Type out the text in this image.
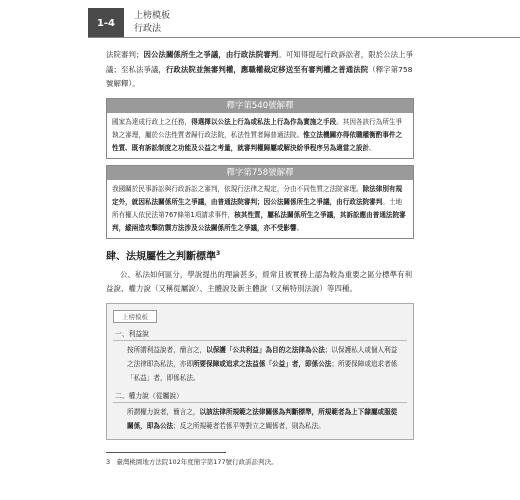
1-4
上榜模板
行政法

法院審判；因公法關係所生之爭議，由行政法院審判。可知得提起行政訴訟者，限於公法上爭議；至私法爭議，行政法院並無審判權，應職權裁定移送至有審判權之普通法院（釋字第758號解釋）。

釋字第540號解釋
國家為達成行政上之任務，得選擇以公法上行為或私法上行為作為實施之手段。其因各該行為所生爭執之審理，屬於公法性質者歸行政法院，私法性質者歸普通法院。惟立法機關亦得依職權衡酌事件之性質、既有訴訟制度之功能及公益之考量，就審判權歸屬或解決紛爭程序另為適當之設計。
釋字第758號解釋
我國關於民事訴訟與行政訴訟之審判，依現行法律之規定，分由不同性質之法院審理。除法律別有規定外，就因私法關係所生之爭議，由普通法院審判；因公法關係所生之爭議，由行政法院審判。土地所有權人依民法第767條第1項請求事件，核其性質，屬私法關係所生之爭議，其訴訟應由普通法院審判，縱兩造攻擊防禦方法涉及公法關係所生之爭議，亦不受影響。
肆、法規屬性之判斷標準$^3$

公、私法如何區分，學說提出的理論甚多，經常且被實務上認為較為重要之區分標準有利益說、權力說（又稱從屬說）、主體說及新主體說（又稱特別法說）等四種。

上榜模板
一、利益說
按所謂利益說者，簡言之，以保護「公共利益」為目的之法律為公法；以保護私人或個人利益之法律即為私法，亦即所要保障或追求之法益係「公益」者，即係公法；所要保障或追求者係「私益」者，即係私法。
二、權力說（從屬說）
所謂權力說者，簡言之，以該法律所規範之法律關係為判斷標準，所規範者為上下隸屬或服從關係，即為公法；反之所規範者若係平等對立之關係者，則為私法。
3 臺灣桃園地方法院102年度簡字第177號行政訴訟判決。
